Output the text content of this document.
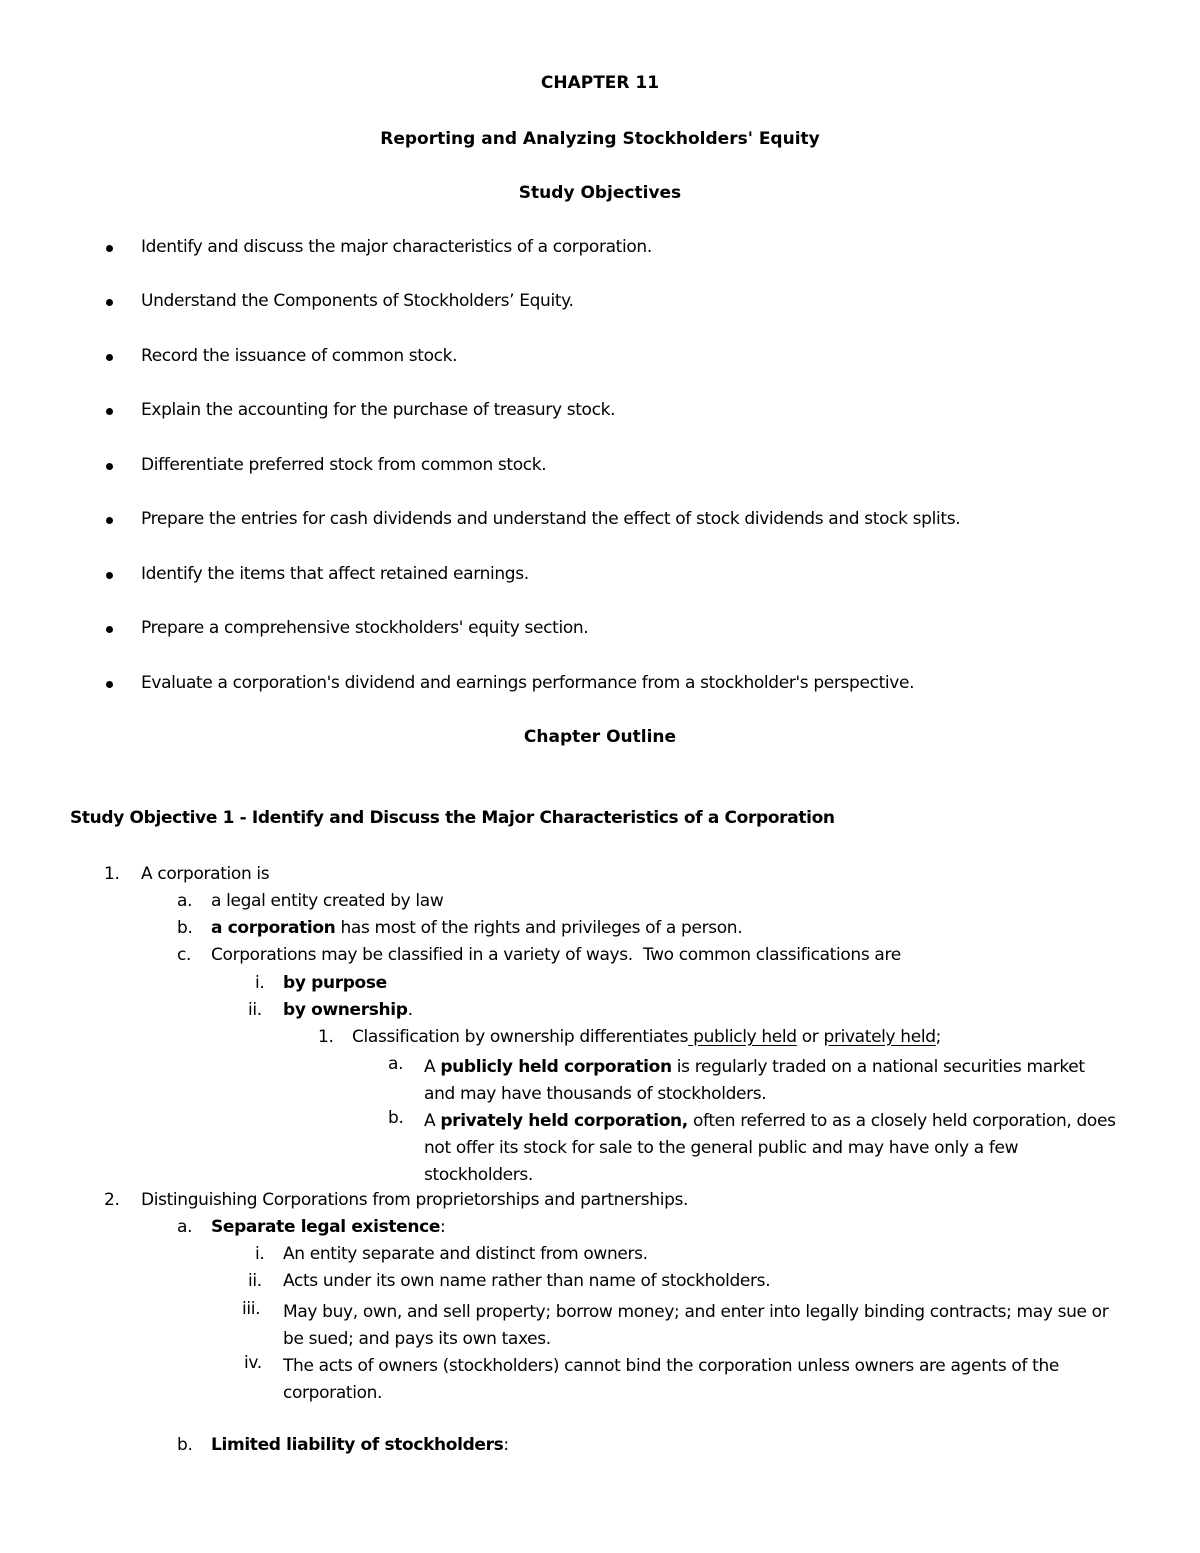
CHAPTER 11
Reporting and Analyzing Stockholders' Equity
Study Objectives
Identify and discuss the major characteristics of a corporation.
Understand the Components of Stockholders’ Equity.
Record the issuance of common stock.
Explain the accounting for the purchase of treasury stock.
Differentiate preferred stock from common stock.
Prepare the entries for cash dividends and understand the effect of stock dividends and stock splits.
Identify the items that affect retained earnings.
Prepare a comprehensive stockholders' equity section.
Evaluate a corporation's dividend and earnings performance from a stockholder's perspective.
Chapter Outline
Study Objective 1 - Identify and Discuss the Major Characteristics of a Corporation
1. A corporation is
a. a legal entity created by law
b. a corporation has most of the rights and privileges of a person.
c. Corporations may be classified in a variety of ways.  Two common classifications are
i. by purpose
ii. by ownership.
1. Classification by ownership differentiates publicly held or privately held;
a. A publicly held corporation is regularly traded on a national securities market and may have thousands of stockholders.
b. A privately held corporation, often referred to as a closely held corporation, does not offer its stock for sale to the general public and may have only a few stockholders.
2. Distinguishing Corporations from proprietorships and partnerships.
a. Separate legal existence:
i. An entity separate and distinct from owners.
ii. Acts under its own name rather than name of stockholders.
iii. May buy, own, and sell property; borrow money; and enter into legally binding contracts; may sue or be sued; and pays its own taxes.
iv. The acts of owners (stockholders) cannot bind the corporation unless owners are agents of the corporation.
b. Limited liability of stockholders:
